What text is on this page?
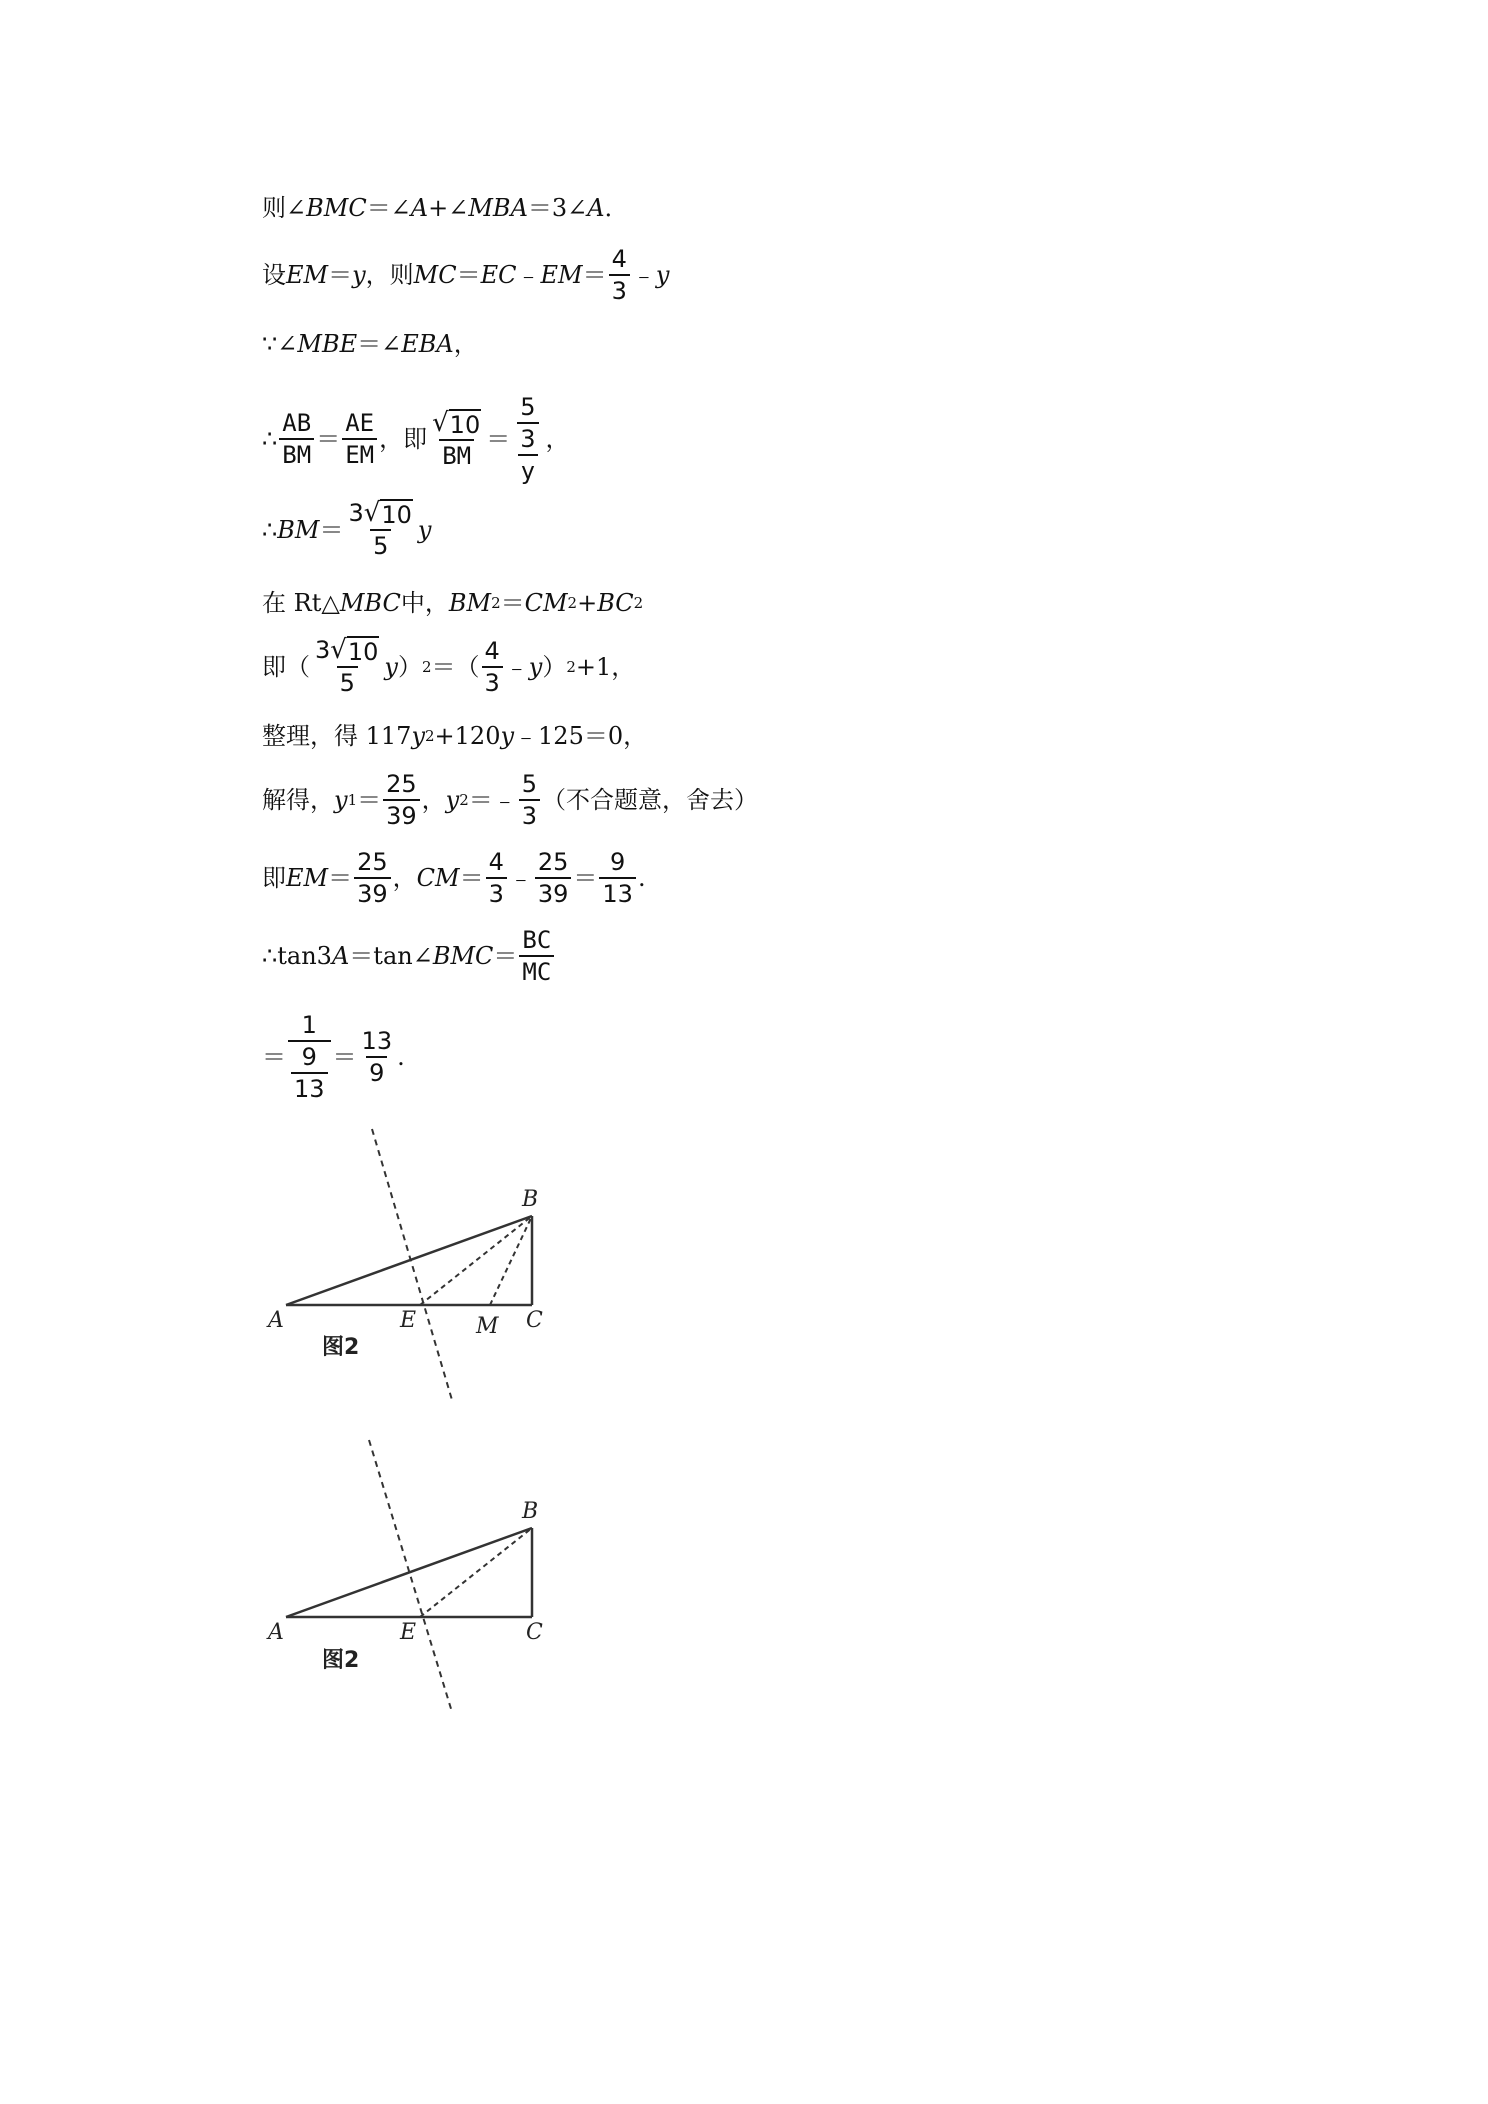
则∠ BMC ＝∠ A +∠ MBA ＝3∠ A ．
设 EM ＝ y ，则 MC ＝ EC ﹣ EM ＝ $\frac{4}{3}$ ﹣ y
∵∠ MBE ＝∠ EBA ，
∴ $\frac{AB}{BM} = \frac{AE}{EM}$ ，即 $\frac{√ 10}{BM} = \frac{\frac{5}{3}}{y}$ ，
∴ BM ＝ $\frac{3 √ 10}{5}$ y
在 Rt△ MBC 中， BM 2 ＝ CM 2 + BC 2
即（ $\frac{3 √ 10}{5}$ y ） 2 ＝（ $\frac{4}{3}$ ﹣ y ） 2 +1，
整理，得 117 y 2 +120 y ﹣125＝0，
解得， y $1 = \frac{25}{39}$ ， y 2 ＝﹣ $\frac{5}{3}$ （不合题意，舍去）
即 EM ＝ $\frac{25}{39}$ ， CM ＝ $\frac{4}{3}$ ﹣ $\frac{25}{39} = \frac{9}{13}$ .
∴tan3 A ＝tan∠ BMC ＝ $\frac{BC}{MC}$
＝ $\frac{1}{\frac{9}{13}} = \frac{13}{9}$ .
A
B
C
E	M
图2
A
B
C
E
图2
